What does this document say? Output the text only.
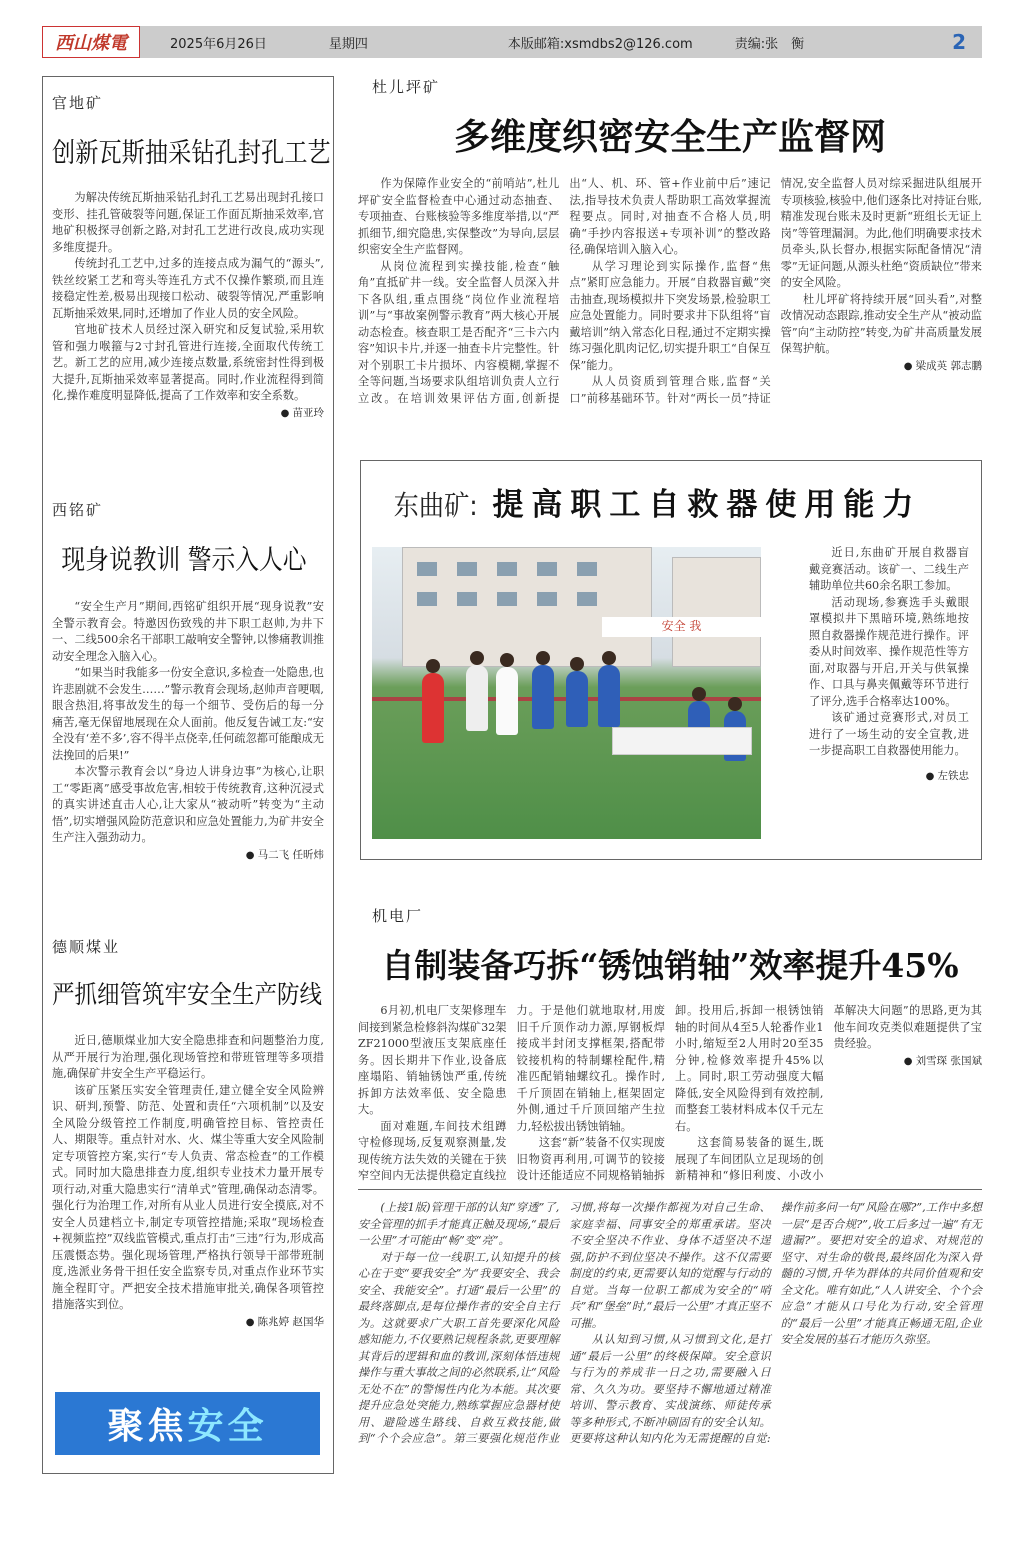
西山煤電	2025年6月26日	星期四	本版邮箱:xsmdbs2@126.com	责编:张　衡	2
官地矿
创新瓦斯抽采钻孔封孔工艺

为解决传统瓦斯抽采钻孔封孔工艺易出现封孔接口变形、挂孔管破裂等问题,保证工作面瓦斯抽采效率,官地矿积极探寻创新之路,对封孔工艺进行改良,成功实现多维度提升。

传统封孔工艺中,过多的连接点成为漏气的“源头”,铁丝绞紧工艺和弯头等连孔方式不仅操作繁琐,而且连接稳定性差,极易出现接口松动、破裂等情况,严重影响瓦斯抽采效果,同时,还增加了作业人员的安全风险。

官地矿技术人员经过深入研究和反复试验,采用软管和强力喉箍与2寸封孔管进行连接,全面取代传统工艺。新工艺的应用,减少连接点数量,系统密封性得到极大提升,瓦斯抽采效率显著提高。同时,作业流程得到简化,操作难度明显降低,提高了工作效率和安全系数。

● 苗亚玲
西铭矿
现身说教训 警示入人心

“安全生产月”期间,西铭矿组织开展“现身说教”安全警示教育会。特邀因伤致残的井下职工赵帅,为井下一、二线500余名干部职工敲响安全警钟,以惨痛教训推动安全理念入脑入心。

“如果当时我能多一份安全意识,多检查一处隐患,也许悲剧就不会发生……”警示教育会现场,赵帅声音哽咽,眼含热泪,将事故发生的每一个细节、受伤后的每一分痛苦,毫无保留地展现在众人面前。他反复告诫工友:“安全没有‘差不多’,容不得半点侥幸,任何疏忽都可能酿成无法挽回的后果!”

本次警示教育会以“身边人讲身边事”为核心,让职工“零距离”感受事故危害,相较于传统教育,这种沉浸式的真实讲述直击人心,让大家从“被动听”转变为“主动悟”,切实增强风险防范意识和应急处置能力,为矿井安全生产注入强劲动力。

● 马二飞 任昕炜
德顺煤业
严抓细管筑牢安全生产防线

近日,德顺煤业加大安全隐患排查和问题整治力度,从严开展行为治理,强化现场管控和带班管理等多项措施,确保矿井安全生产平稳运行。

该矿压紧压实安全管理责任,建立健全安全风险辨识、研判,预警、防范、处置和责任“六项机制”以及安全风险分级管控工作制度,明确管控目标、管控责任人、期限等。重点针对水、火、煤尘等重大安全风险制定专项管控方案,实行“专人负责、常态检查”的工作模式。同时加大隐患排查力度,组织专业技术力量开展专项行动,对重大隐患实行“清单式”管理,确保动态清零。强化行为治理工作,对所有从业人员进行安全摸底,对不安全人员建档立卡,制定专项管控措施;采取“现场检查+视频监控”双线监管模式,重点打击“三违”行为,形成高压震慑态势。强化现场管理,严格执行领导干部带班制度,选派业务骨干担任安全监察专员,对重点作业环节实施全程盯守。严把安全技术措施审批关,确保各项管控措施落实到位。

● 陈兆婷 赵国华
聚焦 安全
杜儿坪矿
多维度织密安全生产监督网

作为保障作业安全的“前哨站”,杜儿坪矿安全监督检查中心通过动态抽查、专项抽查、台账核验等多维度举措,以“严抓细节,细究隐患,实保整改”为导向,层层织密安全生产监督网。

从岗位流程到实操技能,检查“触角”直抵矿井一线。安全监督人员深入井下各队组,重点围绕“岗位作业流程培训”与“事故案例警示教育”两大核心开展动态检查。核查职工是否配齐“三卡六内容”知识卡片,并逐一抽查卡片完整性。针对个别职工卡片损坏、内容模糊,掌握不全等问题,当场要求队组培训负责人立行立改。在培训效果评估方面,创新提出“人、机、环、管+作业前中后”速记法,指导技术负责人帮助职工高效掌握流程要点。同时,对抽查不合格人员,明确“手抄内容报送+专项补训”的整改路径,确保培训入脑入心。

从学习理论到实际操作,监督“焦点”紧盯应急能力。开展“自救器盲戴”突击抽查,现场模拟井下突发场景,检验职工应急处置能力。同时要求井下队组将“盲戴培训”纳入常态化日程,通过不定期实操练习强化肌肉记忆,切实提升职工“自保互保”能力。

从人员资质到管理合账,监督“关口”前移基础环节。针对“两长一员”持证情况,安全监督人员对综采掘进队组展开专项核验,核验中,他们逐条比对持证台账,精准发现台账未及时更新“班组长无证上岗”等管理漏洞。为此,他们明确要求技术员牵头,队长督办,根据实际配备情况“清零”无证问题,从源头杜绝“资质缺位”带来的安全风险。

杜儿坪矿将持续开展“回头看”,对整改情况动态跟踪,推动安全生产从“被动监管”向“主动防控”转变,为矿井高质量发展保驾护航。

● 梁成英 郭志鹏
东曲矿: 提高职工自救器使用能力
安全 我

近日,东曲矿开展自救器盲戴竞赛活动。该矿一、二线生产辅助单位共60余名职工参加。

活动现场,参赛选手头戴眼罩模拟井下黑暗环境,熟练地按照自救器操作规范进行操作。评委从时间效率、操作规范性等方面,对取器与开启,开关与供氧操作、口具与鼻夹佩戴等环节进行了评分,选手合格率达100%。

该矿通过竞赛形式,对员工进行了一场生动的安全宣教,进一步提高职工自救器使用能力。

● 左铁忠
机电厂
自制装备巧拆“锈蚀销轴”效率提升45%

6月初,机电厂支架修理车间接到紧急检修斜沟煤矿32架ZF21000型液压支架底座任务。因长期井下作业,设备底座塌陷、销轴锈蚀严重,传统拆卸方法效率低、安全隐患大。

面对难题,车间技术组蹲守检修现场,反复观察测量,发现传统方法失效的关键在于狭窄空间内无法提供稳定直线拉力。于是他们就地取材,用废旧千斤顶作动力源,厚钢板焊接成半封闭支撑框架,搭配带铰接机构的特制螺栓配件,精准匹配销轴螺纹孔。操作时,千斤顶固在销轴上,框架固定外侧,通过千斤顶回缩产生拉力,轻松拔出锈蚀销轴。

这套“新”装备不仅实现废旧物资再利用,可调节的铰接设计还能适应不同规格销轴拆卸。投用后,拆卸一根锈蚀销轴的时间从4至5人轮番作业1小时,缩短至2人用时20至35分钟,检修效率提升45%以上。同时,职工劳动强度大幅降低,安全风险得到有效控制,而整套工装材料成本仅千元左右。

这套简易装备的诞生,既展现了车间团队立足现场的创新精神和“修旧利废、小改小革解决大问题”的思路,更为其他车间攻克类似难题提供了宝贵经验。

● 刘雪琛 张国斌

(上接1版)管理干部的认知“穿透”了,安全管理的抓手才能真正触及现场,“最后一公里”才可能由“畅”变“亮”。

对于每一位一线职工,认知提升的核心在于变“要我安全”为“我要安全、我会安全、我能安全”。打通“最后一公里”的最终落脚点,是每位操作者的安全自主行为。这就要求广大职工首先要深化风险感知能力,不仅要熟记规程条款,更要理解其背后的逻辑和血的教训,深刻体悟违规操作与重大事故之间的必然联系,让“风险无处不在”的警惕性内化为本能。其次要提升应急处突能力,熟练掌握应急器材使用、避险逃生路线、自救互救技能,做到“个个会应急”。第三要强化规范作业习惯,将每一次操作都视为对自己生命、家庭幸福、同事安全的郑重承诺。坚决不安全坚决不作业、身体不适坚决不逞强,防护不到位坚决不操作。这不仅需要制度的约束,更需要认知的觉醒与行动的自觉。当每一位职工都成为安全的“哨兵”和“堡垒”时,“最后一公里”才真正坚不可摧。

从认知到习惯,从习惯到文化,是打通“最后一公里”的终极保障。安全意识与行为的养成非一日之功,需要融入日常、久久为功。要坚持不懈地通过精准培训、警示教育、实战演练、师徒传承等多种形式,不断冲刷固有的安全认知。更要将这种认知内化为无需提醒的自觉:操作前多问一句“风险在哪?”,工作中多想一层“是否合规?”,收工后多过一遍“有无遗漏?”。要把对安全的追求、对规范的坚守、对生命的敬畏,最终固化为深入骨髓的习惯,升华为群体的共同价值观和安全文化。唯有如此,“人人讲安全、个个会应急”才能从口号化为行动,安全管理的“最后一公里”才能真正畅通无阻,企业安全发展的基石才能历久弥坚。
